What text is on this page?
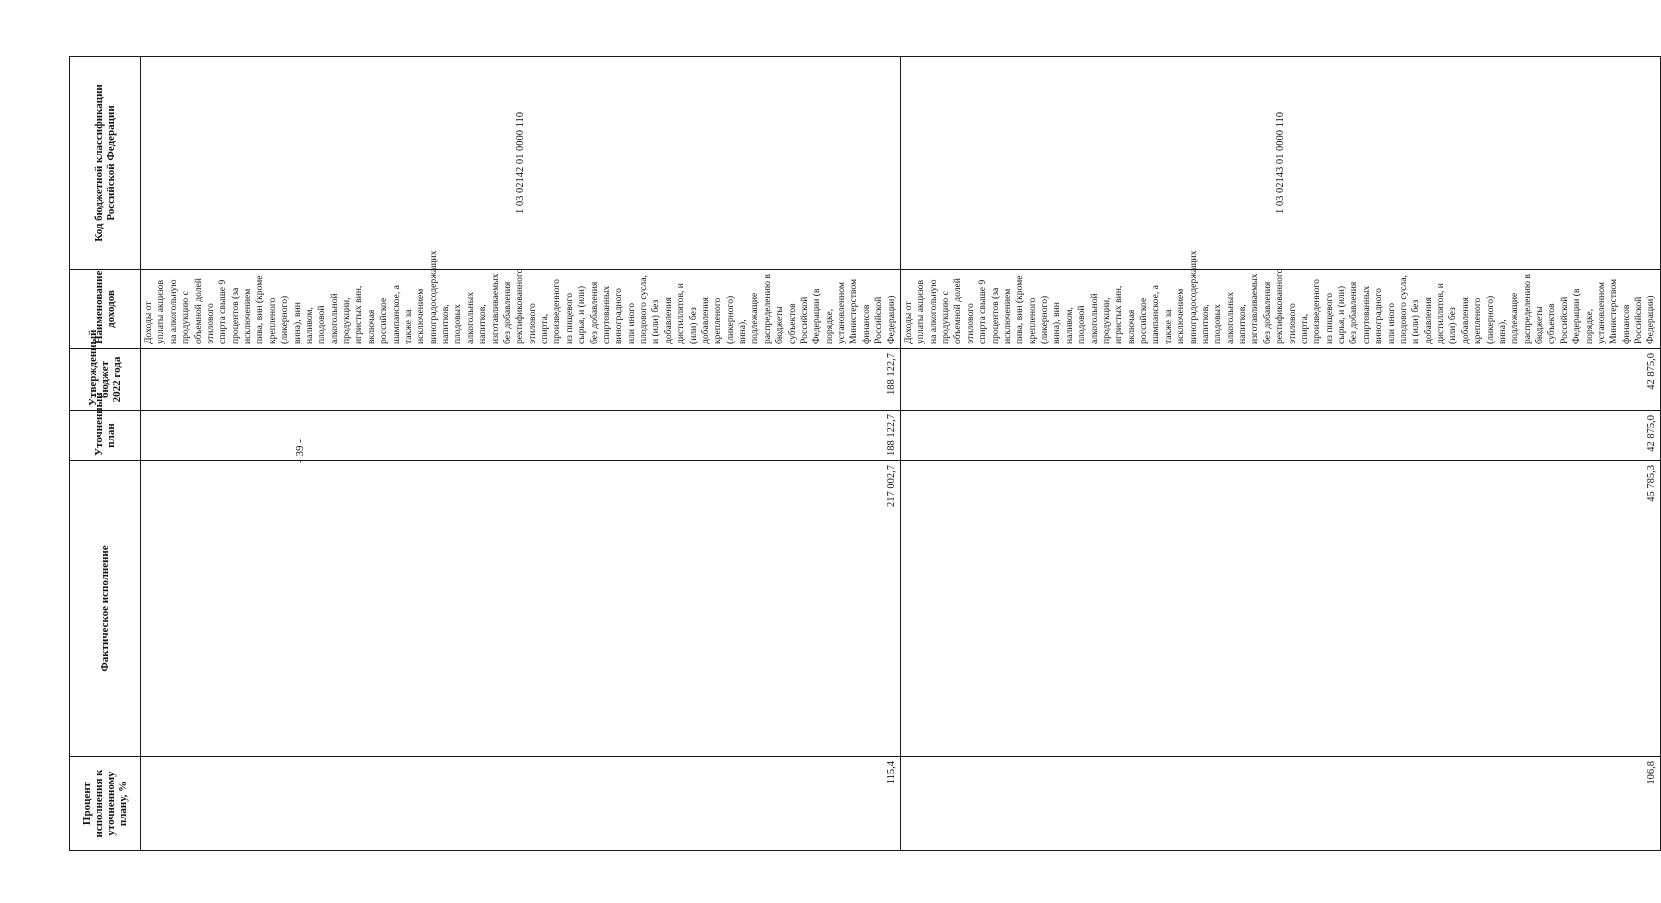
- 39 -
Процент исполнения к уточненному плану, %	Фактическое исполнение	Уточненный план	Утвержденный бюджет 2022 года	Наименование доходов	Код бюджетной классификации Российской Федерации
115,4	217 002,7	188 122,7	188 122,7	Доходы от уплаты акцизов на алкогольную продукцию с объемной долей этилового спирта свыше 9 процентов (за исключением пива, вин (кроме крепленого (ликерного) вина), вин наливом, плодовой алкогольной продукции, игристых вин, включая российское шампанское, а также за исключением виноградосодержащих напитков, плодовых алкогольных напитков, изготавливаемых без добавления ректификованного этилового спирта, произведенного из пищевого сырья, и (или) без добавления спиртованных виноградного или иного плодового сусла, и (или) без добавления дистиллятов, и (или) без добавления крепленого (ликерного) вина), подлежащие распределению в бюджеты субъектов Российской Федерации (в порядке, установленном Министерством финансов Российской Федерации)	1 03 02142 01 0000 110
106,8	45 785,3	42 875,0	42 875,0	Доходы от уплаты акцизов на алкогольную продукцию с объемной долей этилового спирта свыше 9 процентов (за исключением пива, вин (кроме крепленого (ликерного) вина), вин наливом, плодовой алкогольной продукции, игристых вин, включая российское шампанское, а также за исключением виноградосодержащих напитков, плодовых алкогольных напитков, изготавливаемых без добавления ректификованного этилового спирта, произведенного из пищевого сырья, и (или) без добавления спиртованных виноградного или иного плодового сусла, и (или) без добавления дистиллятов, и (или) без добавления крепленого (ликерного) вина), подлежащие распределению в бюджеты субъектов Российской Федерации (в порядке, установленном Министерством финансов Российской Федерации)	1 03 02143 01 0000 110
